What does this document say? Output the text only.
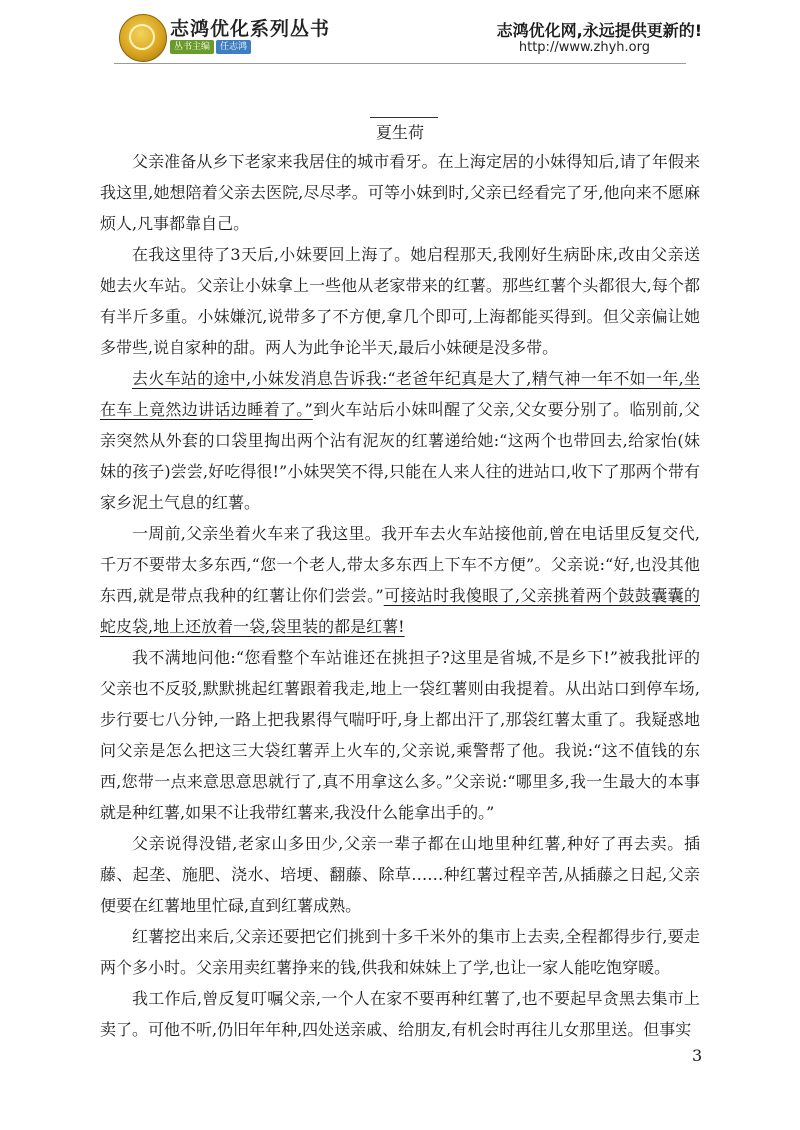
志鸿优化系列丛书
丛书主编 任志鸿
志鸿优化网,永远提供更新的!
http://www.zhyh.org
夏生荷

父亲准备从乡下老家来我居住的城市看牙。在上海定居的小妹得知后,请了年假来我这里,她想陪着父亲去医院,尽尽孝。可等小妹到时,父亲已经看完了牙,他向来不愿麻烦人,凡事都靠自己。

在我这里待了3天后,小妹要回上海了。她启程那天,我刚好生病卧床,改由父亲送她去火车站。父亲让小妹拿上一些他从老家带来的红薯。那些红薯个头都很大,每个都有半斤多重。小妹嫌沉,说带多了不方便,拿几个即可,上海都能买得到。但父亲偏让她多带些,说自家种的甜。两人为此争论半天,最后小妹硬是没多带。

去火车站的途中,小妹发消息告诉我:“老爸年纪真是大了,精气神一年不如一年,坐在车上竟然边讲话边睡着了。”到火车站后小妹叫醒了父亲,父女要分别了。临别前,父亲突然从外套的口袋里掏出两个沾有泥灰的红薯递给她:“这两个也带回去,给家怡(妹妹的孩子)尝尝,好吃得很!”小妹哭笑不得,只能在人来人往的进站口,收下了那两个带有家乡泥土气息的红薯。

一周前,父亲坐着火车来了我这里。我开车去火车站接他前,曾在电话里反复交代,千万不要带太多东西,“您一个老人,带太多东西上下车不方便”。父亲说:“好,也没其他东西,就是带点我种的红薯让你们尝尝。”可接站时我傻眼了,父亲挑着两个鼓鼓囊囊的蛇皮袋,地上还放着一袋,袋里装的都是红薯!

我不满地问他:“您看整个车站谁还在挑担子?这里是省城,不是乡下!”被我批评的父亲也不反驳,默默挑起红薯跟着我走,地上一袋红薯则由我提着。从出站口到停车场,步行要七八分钟,一路上把我累得气喘吁吁,身上都出汗了,那袋红薯太重了。我疑惑地问父亲是怎么把这三大袋红薯弄上火车的,父亲说,乘警帮了他。我说:“这不值钱的东西,您带一点来意思意思就行了,真不用拿这么多。”父亲说:“哪里多,我一生最大的本事就是种红薯,如果不让我带红薯来,我没什么能拿出手的。”

父亲说得没错,老家山多田少,父亲一辈子都在山地里种红薯,种好了再去卖。插藤、起垄、施肥、浇水、培埂、翻藤、除草……种红薯过程辛苦,从插藤之日起,父亲便要在红薯地里忙碌,直到红薯成熟。

红薯挖出来后,父亲还要把它们挑到十多千米外的集市上去卖,全程都得步行,要走两个多小时。父亲用卖红薯挣来的钱,供我和妹妹上了学,也让一家人能吃饱穿暖。

我工作后,曾反复叮嘱父亲,一个人在家不要再种红薯了,也不要起早贪黑去集市上卖了。可他不听,仍旧年年种,四处送亲戚、给朋友,有机会时再往儿女那里送。但事实

3
